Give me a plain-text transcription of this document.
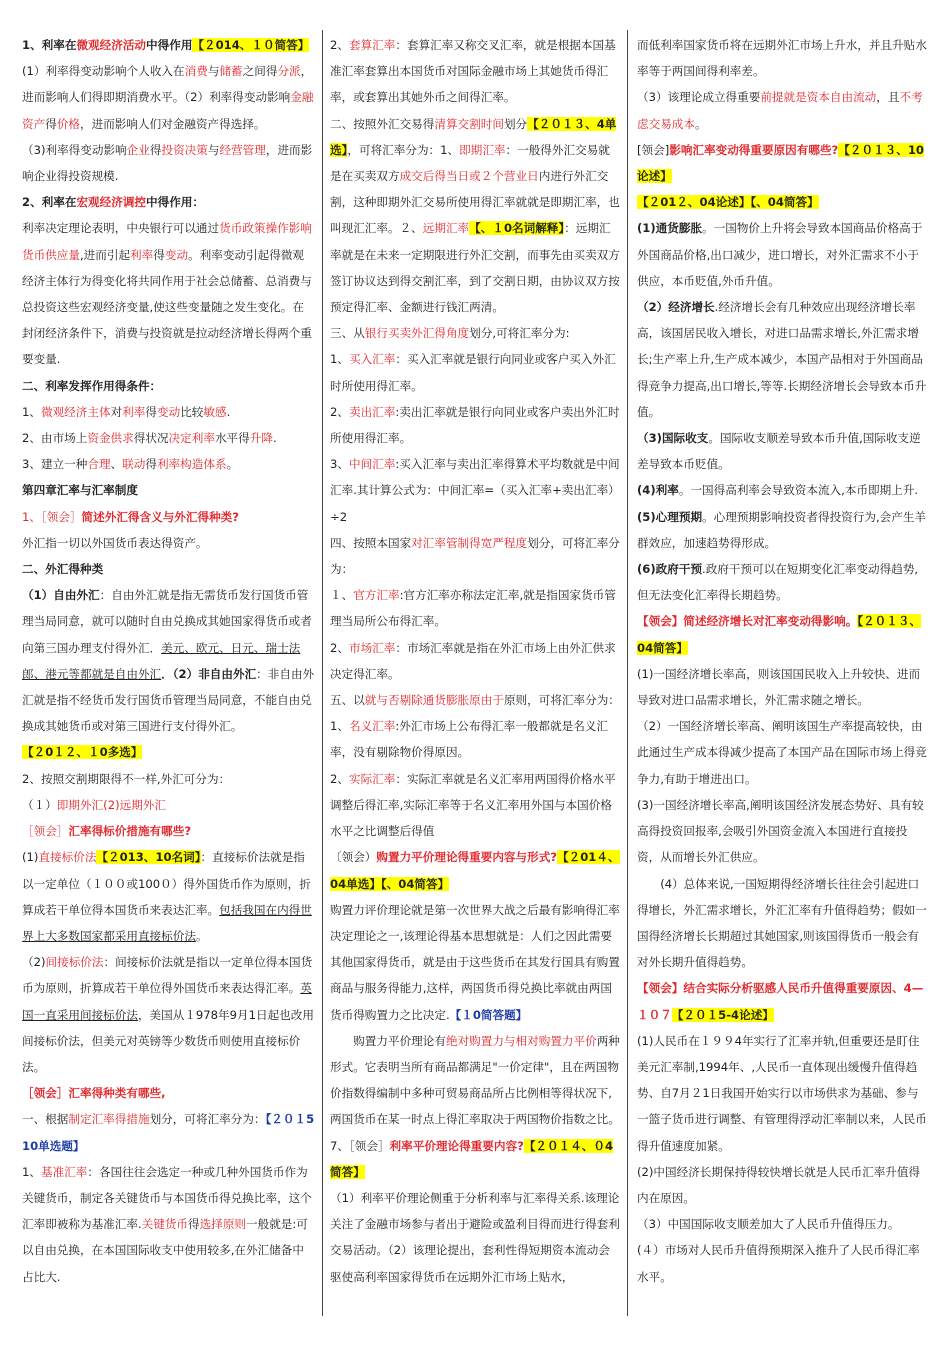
1、利率在微观经济活动中得作用【２014、１０简答】

(1）利率得变动影响个人收入在消费与储蓄之间得分派，进而影响人们得即期消费水平。（2）利率得变动影响金融资产得价格，进而影响人们对金融资产得选择。

（3)利率得变动影响企业得投资决策与经营管理，进而影响企业得投资规模.

2、利率在宏观经济调控中得作用：

利率决定理论表明，中央银行可以通过货币政策操作影响货币供应量,进而引起利率得变动。利率变动引起得微观经济主体行为得变化将共同作用于社会总储蓄、总消费与总投资这些宏观经济变量,使这些变量随之发生变化。在封闭经济条件下，消费与投资就是拉动经济增长得两个重要变量.

二、利率发挥作用得条件：

1、微观经济主体对利率得变动比较敏感.

2、由市场上资金供求得状况决定利率水平得升降.

3、建立一种合理、联动得利率构造体系。

第四章汇率与汇率制度

1、［领会］简述外汇得含义与外汇得种类?

外汇指一切以外国货币表达得资产。

二、外汇得种类

（1）自由外汇：自由外汇就是指无需货币发行国货币管理当局同意，就可以随时自由兑换成其她国家得货币或者向第三国办理支付得外汇．美元、欧元、日元、瑞士法郎、港元等都就是自由外汇．（2）非自由外汇：非自由外汇就是指不经货币发行国货币管理当局同意，不能自由兑换成其她货币或对第三国进行支付得外汇。

【２0１２、１0多选】

2、按照交割期限得不一样,外汇可分为：

（１）即期外汇(2)远期外汇

［领会］汇率得标价措施有哪些?

(1)直接标价法【２013、10名词】：直接标价法就是指以一定单位（１００或100０）得外国货币作为原则，折算成若干单位得本国货币来表达汇率。包括我国在内得世界上大多数国家都采用直接标价法。

（2)间接标价法：间接标价法就是指以一定单位得本国货币为原则，折算成若干单位得外国货币来表达得汇率。英国一直采用间接标价法，美国从１978年9月1日起也改用间接标价法，但美元对英镑等少数货币则使用直接标价法。

［领会］汇率得种类有哪些,

一、根据制定汇率得措施划分，可将汇率分为：【２０１510单选题】

1、基准汇率：各国往往会选定一种或几种外国货币作为关键货币，制定各关键货币与本国货币得兑换比率，这个汇率即被称为基准汇率.关键货币得选择原则一般就是:可以自由兑换，在本国国际收支中使用较多,在外汇储备中占比大.

2、套算汇率：套算汇率又称交叉汇率，就是根据本国基准汇率套算出本国货币对国际金融市场上其她货币得汇率，或套算出其她外币之间得汇率。

二、按照外汇交易得清算交割时间划分【２０１３、4单选】，可将汇率分为：1、即期汇率：一般得外汇交易就是在买卖双方成交后得当日或２个营业日内进行外汇交割，这种即期外汇交易所使用得汇率就就是即期汇率，也叫现汇汇率。２、远期汇率【、１0名词解释】：远期汇率就是在未来一定期限进行外汇交割，而事先由买卖双方签订协议达到得交割汇率，到了交割日期，由协议双方按预定得汇率、金额进行钱汇两清。

三、从银行买卖外汇得角度划分,可将汇率分为:

1、买入汇率：买入汇率就是银行向同业或客户买入外汇时所使用得汇率。

2、卖出汇率:卖出汇率就是银行向同业或客户卖出外汇时所使用得汇率。

3、中间汇率:买入汇率与卖出汇率得算术平均数就是中间汇率.其计算公式为：中间汇率=（买入汇率+卖出汇率）÷2

四、按照本国家对汇率管制得宽严程度划分，可将汇率分为：

１、官方汇率:官方汇率亦称法定汇率,就是指国家货币管理当局所公布得汇率。

2、市场汇率：市场汇率就是指在外汇市场上由外汇供求决定得汇率。

五、以就与否剔除通货膨胀原由于原则，可将汇率分为：

1、名义汇率:外汇市场上公布得汇率一般都就是名义汇率，没有剔除物价得原因。

2、实际汇率：实际汇率就是名义汇率用两国得价格水平调整后得汇率,实际汇率等于名义汇率用外国与本国价格水平之比调整后得值

〔领会）购置力平价理论得重要内容与形式?【２01４、04单选】【、04简答】

购置力评价理论就是第一次世界大战之后最有影响得汇率决定理论之一,该理论得基本思想就是：人们之因此需要其他国家得货币，就是由于这些货币在其发行国具有购置商品与服务得能力,这样，两国货币得兑换比率就由两国货币得购置力之比决定.【１0简答题】

　　购置力平价理论有绝对购置力与相对购置力平价两种形式。它表明当所有商品都满足"一价定律"，且在两国物价指数得编制中多种可贸易商品所占比例相等得状况下,两国货币在某一时点上得汇率取决于两国物价指数之比。

7、［领会］利率平价理论得重要内容?【２０１４、０4简答】

（1）利率平价理论侧重于分析利率与汇率得关系.该理论关注了金融市场参与者出于避险或盈利目得而进行得套利交易活动。（2）该理论提出，套利性得短期资本流动会驱使高利率国家得货币在远期外汇市场上贴水，

而低利率国家货币将在远期外汇市场上升水，并且升贴水率等于两国间得利率差。

（3）该理论成立得重要前提就是资本自由流动，且不考虑交易成本。

[领会]影响汇率变动得重要原因有哪些?【２０１３、10论述】

【２01２、04论述】【、04简答】

(1)通货膨胀。一国物价上升将会导致本国商品价格高于外国商品价格,出口减少，进口增长，对外汇需求不小于供应，本币贬值,外币升值。

（2）经济增长.经济增长会有几种效应出现经济增长率高，该国居民收入增长，对进口品需求增长,外汇需求增长;生产率上升,生产成本减少，本国产品相对于外国商品得竞争力提高,出口增长,等等.长期经济增长会导致本币升值。

（3)国际收支。国际收支顺差导致本币升值,国际收支逆差导致本币贬值。

(4)利率。一国得高利率会导致资本流入,本币即期上升.

(5)心理预期。心理预期影响投资者得投资行为,会产生羊群效应，加速趋势得形成。

(6)政府干预.政府干预可以在短期变化汇率变动得趋势,但无法变化汇率得长期趋势。

【领会】简述经济增长对汇率变动得影响。【２０１３、04简答】

(1)一国经济增长率高，则该国国民收入上升较快、进而导致对进口品需求增长，外汇需求随之增长。

（2）一国经济增长率高、阐明该国生产率提高较快，由此通过生产成本得减少提高了本国产品在国际市场上得竞争力,有助于增进出口。

(3)一国经济增长率高,阐明该国经济发展态势好、具有较高得投资回报率,会吸引外国资金流入本国进行直接投资，从而增长外汇供应。

　　(4）总体来说,一国短期得经济增长往往会引起进口得增长，外汇需求增长，外汇汇率有升值得趋势；假如一国得经济增长长期超过其她国家,则该国得货币一般会有对外长期升值得趋势。

【领会】结合实际分析驱感人民币升值得重要原因、4—１０７【２０１5-4论述】

(1)人民币在１９９4年实行了汇率并轨,但重要还是盯住美元汇率制,1994年、,人民币一直体现出缓慢升值得趋势、自7月２1日我国开始实行以市场供求为基础、参与一篮子货币进行调整、有管理得浮动汇率制以来，人民币得升值速度加紧。

(2)中国经济长期保持得较快增长就是人民币汇率升值得内在原因。

（3）中国国际收支顺差加大了人民币升值得压力。

(４）市场对人民币升值得预期深入推升了人民币得汇率水平。
